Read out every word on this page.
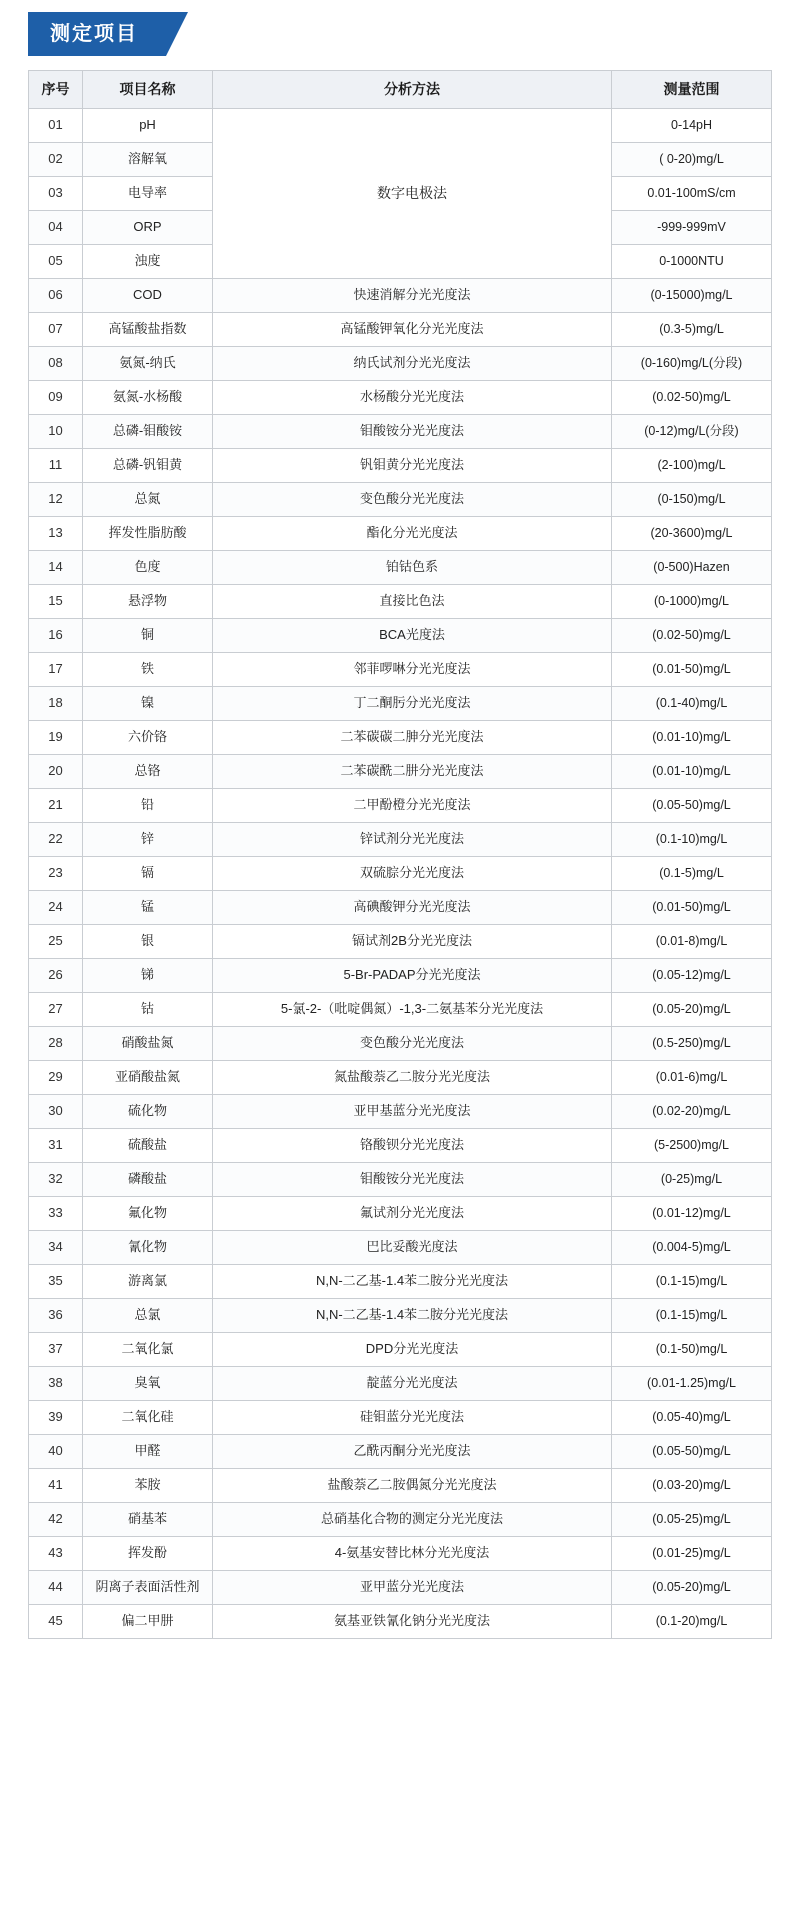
测定项目
序号	项目名称	分析方法	测量范围
01	pH	数字电极法	0-14pH
02	溶解氧		( 0-20)mg/L
03	电导率		0.01-100mS/cm
04	ORP		-999-999mV
05	浊度		0-1000NTU
06	COD	快速消解分光光度法	(0-15000)mg/L
07	高锰酸盐指数	高锰酸钾氧化分光光度法	(0.3-5)mg/L
08	氨氮-纳氏	纳氏试剂分光光度法	(0-160)mg/L(分段)
09	氨氮-水杨酸	水杨酸分光光度法	(0.02-50)mg/L
10	总磷-钼酸铵	钼酸铵分光光度法	(0-12)mg/L(分段)
11	总磷-钒钼黄	钒钼黄分光光度法	(2-100)mg/L
12	总氮	变色酸分光光度法	(0-150)mg/L
13	挥发性脂肪酸	酯化分光光度法	(20-3600)mg/L
14	色度	铂钴色系	(0-500)Hazen
15	悬浮物	直接比色法	(0-1000)mg/L
16	铜	BCA光度法	(0.02-50)mg/L
17	铁	邻菲啰啉分光光度法	(0.01-50)mg/L
18	镍	丁二酮肟分光光度法	(0.1-40)mg/L
19	六价铬	二苯碳碳二胂分光光度法	(0.01-10)mg/L
20	总铬	二苯碳酰二肼分光光度法	(0.01-10)mg/L
21	铅	二甲酚橙分光光度法	(0.05-50)mg/L
22	锌	锌试剂分光光度法	(0.1-10)mg/L
23	镉	双硫腙分光光度法	(0.1-5)mg/L
24	锰	高碘酸钾分光光度法	(0.01-50)mg/L
25	银	镉试剂2B分光光度法	(0.01-8)mg/L
26	锑	5-Br-PADAP分光光度法	(0.05-12)mg/L
27	钴	5-氯-2-（吡啶偶氮）-1,3-二氨基苯分光光度法	(0.05-20)mg/L
28	硝酸盐氮	变色酸分光光度法	(0.5-250)mg/L
29	亚硝酸盐氮	氮盐酸萘乙二胺分光光度法	(0.01-6)mg/L
30	硫化物	亚甲基蓝分光光度法	(0.02-20)mg/L
31	硫酸盐	铬酸钡分光光度法	(5-2500)mg/L
32	磷酸盐	钼酸铵分光光度法	(0-25)mg/L
33	氟化物	氟试剂分光光度法	(0.01-12)mg/L
34	氰化物	巴比妥酸光度法	(0.004-5)mg/L
35	游离氯	N,N-二乙基-1.4苯二胺分光光度法	(0.1-15)mg/L
36	总氯	N,N-二乙基-1.4苯二胺分光光度法	(0.1-15)mg/L
37	二氧化氯	DPD分光光度法	(0.1-50)mg/L
38	臭氧	靛蓝分光光度法	(0.01-1.25)mg/L
39	二氧化硅	硅钼蓝分光光度法	(0.05-40)mg/L
40	甲醛	乙酰丙酮分光光度法	(0.05-50)mg/L
41	苯胺	盐酸萘乙二胺偶氮分光光度法	(0.03-20)mg/L
42	硝基苯	总硝基化合物的测定分光光度法	(0.05-25)mg/L
43	挥发酚	4-氨基安替比林分光光度法	(0.01-25)mg/L
44	阴离子表面活性剂	亚甲蓝分光光度法	(0.05-20)mg/L
45	偏二甲肼	氨基亚铁氰化钠分光光度法	(0.1-20)mg/L
